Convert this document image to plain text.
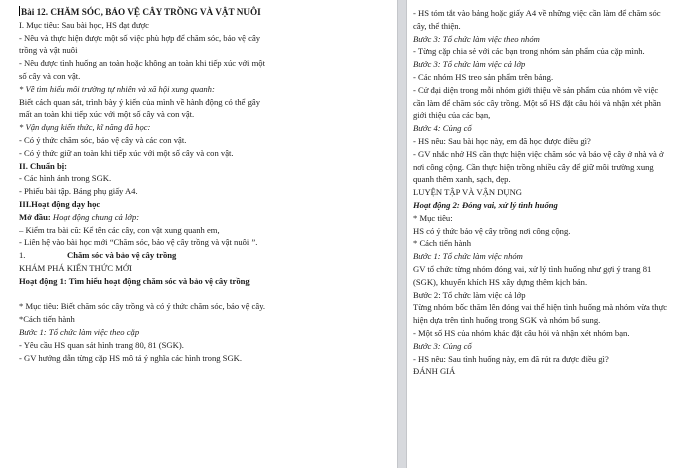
Bài 12. CHĂM SÓC, BẢO VỆ CÂY TRỒNG VÀ VẬT NUÔI
I. Mục tiêu: Sau bài học, HS đạt được
- Nêu và thực hiện được một số việc phù hợp để chăm sóc, bảo vệ cây
trồng và vật nuôi
- Nêu được tình huống an toàn hoặc không an toàn khi tiếp xúc với một
số cây và con vật.
* Về tìm hiểu môi trường tự nhiên và xã hội xung quanh:
Biết cách quan sát, trình bày ý kiến của mình về hành động có thể gây
mất an toàn khi tiếp xúc với một số cây và con vật.
* Vận dụng kiến thức, kĩ năng đã học:
- Có ý thức chăm sóc, bảo vệ cây và các con vật.
- Có ý thức giữ an toàn khi tiếp xúc với một số cây và con vật.
II. Chuẩn bị:
- Các hình ảnh trong SGK.
- Phiếu bài tập. Bảng phụ giấy A4.
III.Hoạt động dạy học
Mở đầu: Hoạt động chung cả lớp:
– Kiểm tra bài cũ: Kể tên các cây, con vật xung quanh em,
- Liên hệ vào bài học mới “Chăm sóc, bảo vệ cây trồng và vật nuôi ”.
1.	Chăm sóc và bảo vệ cây trồng
KHÁM PHÁ KIẾN THỨC MỚI
Hoạt động 1: Tìm hiểu hoạt động chăm sóc và bảo vệ cây trồng
* Mục tiêu: Biết chăm sóc cây trồng và có ý thức chăm sóc, bảo vệ cây.
*Cách tiến hành
Bước 1: Tổ chức làm việc theo cặp
- Yêu cầu HS quan sát hình trang 80, 81 (SGK).
- GV hướng dẫn từng cặp HS mô tả ý nghĩa các hình trong SGK.
- HS tóm tắt vào bảng hoặc giấy A4 về những việc cần làm để chăm sóc
cây, thể thiện.
Bước 3: Tổ chức làm việc theo nhóm
- Từng cặp chia sẻ với các bạn trong nhóm sản phẩm của cặp mình.
Bước 3: Tổ chức làm việc cả lớp
- Các nhóm HS treo sản phẩm trên bảng.
- Cử đại diện trong mỗi nhóm giới thiệu về sản phẩm của nhóm về việc
cần làm để chăm sóc cây trồng. Một số HS đặt câu hỏi và nhận xét phần
giới thiệu của các bạn,
Bước 4: Củng cố
- HS nêu: Sau bài học này, em đã học được điều gì?
- GV nhắc nhở HS cần thực hiện việc chăm sóc và bảo vệ cây ở nhà và ở
nơi công cộng. Cần thực hiện trồng nhiều cây để giữ môi trường xung
quanh thêm xanh, sạch, đẹp.
LUYỆN TẬP VÀ VẬN DỤNG
Hoạt động 2: Đóng vai, xử lý tình huống
* Mục tiêu:
HS có ý thức bảo vệ cây trồng nơi công cộng.
* Cách tiến hành
Bước 1: Tổ chức làm việc nhóm
GV tổ chức từng nhóm đóng vai, xử lý tình huống như gợi ý trang 81
(SGK), khuyến khích HS xây dựng thêm kịch bản.
Bước 2: Tổ chức làm việc cả lớp
Từng nhóm bốc thăm lên đóng vai thể hiện tình huống mà nhóm vừa thực
hiện dựa trên tình huống trong SGK và nhóm bổ sung.
- Một số HS của nhóm khác đặt câu hỏi và nhận xét nhóm bạn.
Bước 3: Củng cố
- HS nêu: Sau tình huống này, em đã rút ra được điều gì?
ĐÁNH GIÁ
